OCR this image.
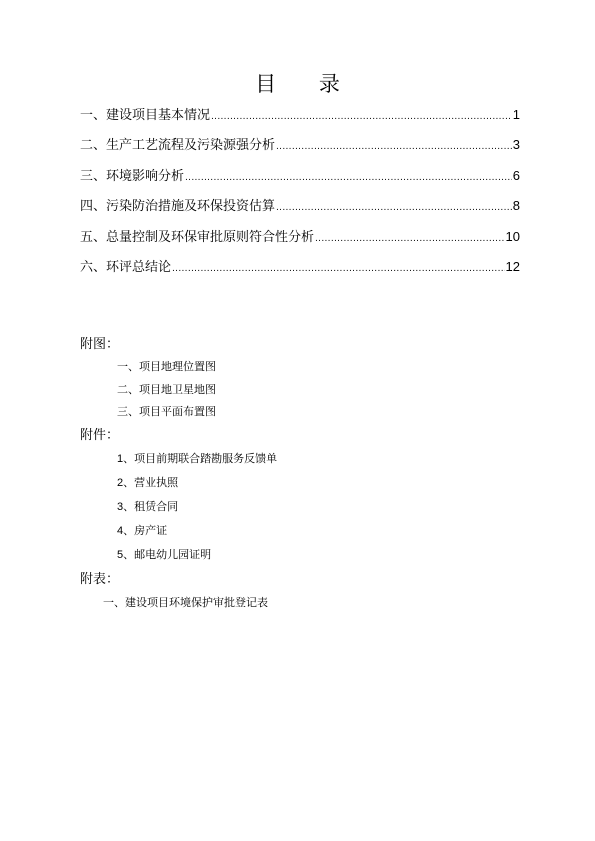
目 录
一、建设项目基本情况 .....	1
二、生产工艺流程及污染源强分析 .....	3
三、环境影响分析 .....	6
四、污染防治措施及环保投资估算 .....	8
五、总量控制及环保审批原则符合性分析 .....	10
六、环评总结论 .....	12
附图：
一、项目地理位置图
二、项目地卫星地图
三、项目平面布置图
附件：
1、项目前期联合踏勘服务反馈单
2、营业执照
3、租赁合同
4、房产证
5、邮电幼儿园证明
附表：
一、建设项目环境保护审批登记表
